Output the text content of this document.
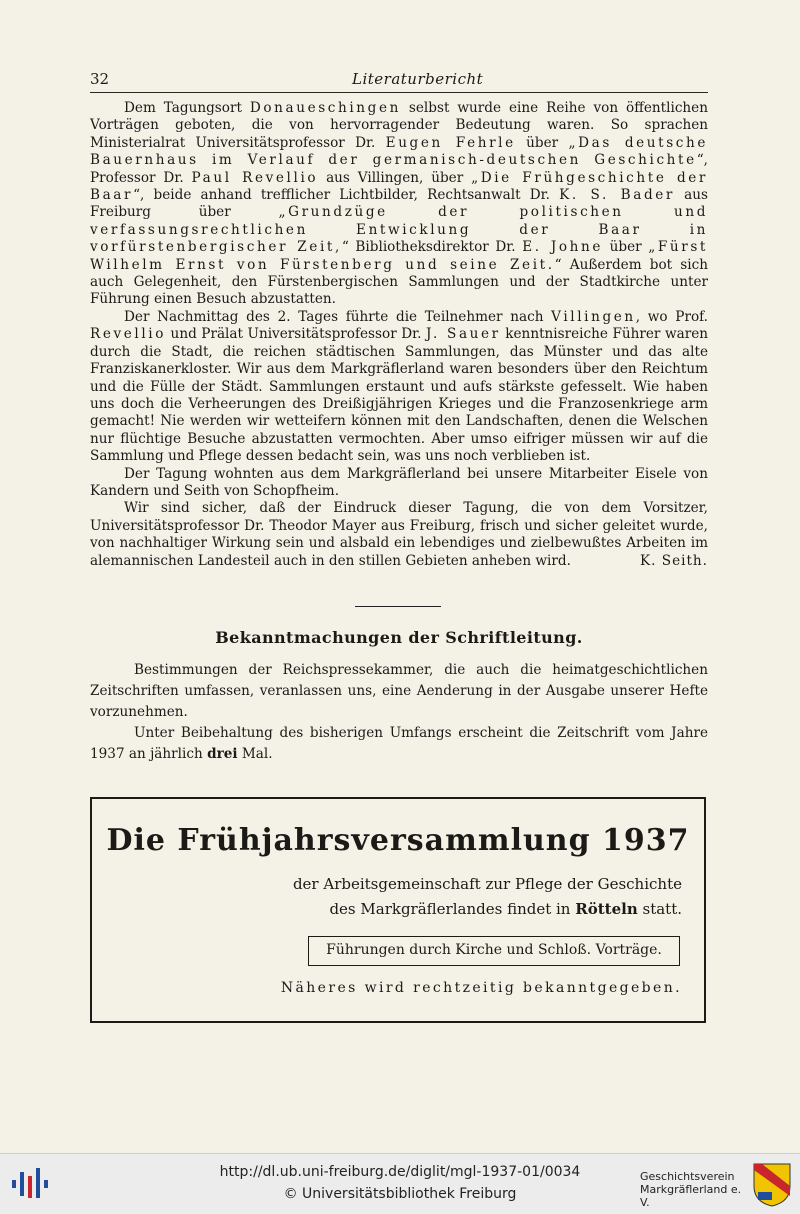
32	Literaturbericht

Dem Tagungsort Donaueschingen selbst wurde eine Reihe von öffentlichen Vorträgen geboten, die von hervorragender Bedeutung waren. So sprachen Ministerialrat Universitätsprofessor Dr. Eugen Fehrle über „Das deutsche Bauernhaus im Verlauf der germanisch-deutschen Geschichte“, Professor Dr. Paul Revellio aus Villingen, über „Die Frühgeschichte der Baar“, beide anhand trefflicher Lichtbilder, Rechtsanwalt Dr. K. S. Bader aus Freiburg über „Grundzüge der politischen und verfassungsrechtlichen Entwicklung der Baar in vorfürstenbergischer Zeit,“ Bibliotheksdirektor Dr. E. Johne über „Fürst Wilhelm Ernst von Fürstenberg und seine Zeit.“ Außerdem bot sich auch Gelegenheit, den Fürstenbergischen Sammlungen und der Stadtkirche unter Führung einen Besuch abzustatten.

Der Nachmittag des 2. Tages führte die Teilnehmer nach Villingen, wo Prof. Revellio und Prälat Universitätsprofessor Dr. J. Sauer kenntnisreiche Führer waren durch die Stadt, die reichen städtischen Sammlungen, das Münster und das alte Franziskanerkloster. Wir aus dem Markgräflerland waren besonders über den Reichtum und die Fülle der Städt. Sammlungen erstaunt und aufs stärkste gefesselt. Wie haben uns doch die Verheerungen des Dreißigjährigen Krieges und die Franzosenkriege arm gemacht! Nie werden wir wetteifern können mit den Landschaften, denen die Welschen nur flüchtige Besuche abzustatten vermochten. Aber umso eifriger müssen wir auf die Sammlung und Pflege dessen bedacht sein, was uns noch verblieben ist.

Der Tagung wohnten aus dem Markgräflerland bei unsere Mitarbeiter Eisele von Kandern und Seith von Schopfheim.

Wir sind sicher, daß der Eindruck dieser Tagung, die von dem Vorsitzer, Universitätsprofessor Dr. Theodor Mayer aus Freiburg, frisch und sicher geleitet wurde, von nachhaltiger Wirkung sein und alsbald ein lebendiges und zielbewußtes Arbeiten im alemannischen Landesteil auch in den stillen Gebieten anheben wird.	K. Seith.

Bekanntmachungen der Schriftleitung.

Bestimmungen der Reichspressekammer, die auch die heimatgeschichtlichen Zeitschriften umfassen, veranlassen uns, eine Aenderung in der Ausgabe unserer Hefte vorzunehmen.

Unter Beibehaltung des bisherigen Umfangs erscheint die Zeitschrift vom Jahre 1937 an jährlich drei Mal.

Die Frühjahrsversammlung 1937
der Arbeitsgemeinschaft zur Pflege der Geschichte
des Markgräflerlandes findet in Rötteln statt.
Führungen durch Kirche und Schloß. Vorträge.
Näheres wird rechtzeitig bekanntgegeben.
http://dl.ub.uni-freiburg.de/diglit/mgl-1937-01/0034
© Universitätsbibliothek Freiburg
Geschichtsverein
Markgräflerland e. V.
